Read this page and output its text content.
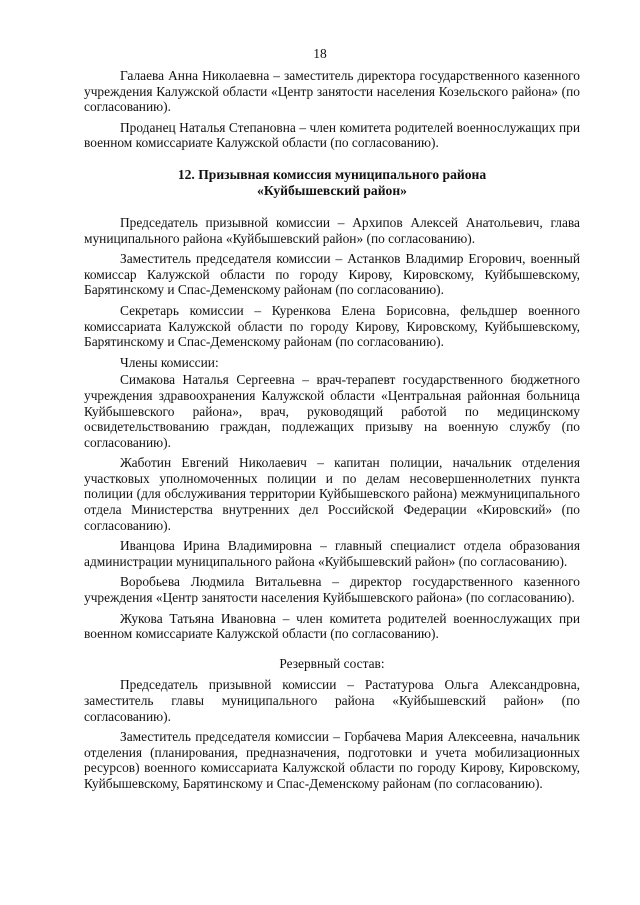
18

Галаева Анна Николаевна – заместитель директора государственного казенного учреждения Калужской области «Центр занятости населения Козельского района» (по согласованию).

Проданец Наталья Степановна – член комитета родителей военнослужащих при военном комиссариате Калужской области (по согласованию).

12. Призывная комиссия муниципального района
«Куйбышевский район»

Председатель призывной комиссии – Архипов Алексей Анатольевич, глава муниципального района «Куйбышевский район» (по согласованию).

Заместитель председателя комиссии – Астанков Владимир Егорович, военный комиссар Калужской области по городу Кирову, Кировскому, Куйбышевскому, Барятинскому и Спас-Деменскому районам (по согласованию).

Секретарь комиссии – Куренкова Елена Борисовна, фельдшер военного комиссариата Калужской области по городу Кирову, Кировскому, Куйбышевскому, Барятинскому и Спас-Деменскому районам (по согласованию).

Члены комиссии:

Симакова Наталья Сергеевна – врач-терапевт государственного бюджетного учреждения здравоохранения Калужской области «Центральная районная больница Куйбышевского района», врач, руководящий работой по медицинскому освидетельствованию граждан, подлежащих призыву на военную службу (по согласованию).

Жаботин Евгений Николаевич – капитан полиции, начальник отделения участковых уполномоченных полиции и по делам несовершеннолетних пункта полиции (для обслуживания территории Куйбышевского района) межмуниципального отдела Министерства внутренних дел Российской Федерации «Кировский» (по согласованию).

Иванцова Ирина Владимировна – главный специалист отдела образования администрации муниципального района «Куйбышевский район» (по согласованию).

Воробьева Людмила Витальевна – директор государственного казенного учреждения «Центр занятости населения Куйбышевского района» (по согласованию).

Жукова Татьяна Ивановна – член комитета родителей военнослужащих при военном комиссариате Калужской области (по согласованию).

Резервный состав:

Председатель призывной комиссии – Растатурова Ольга Александровна, заместитель главы муниципального района «Куйбышевский район» (по согласованию).

Заместитель председателя комиссии – Горбачева Мария Алексеевна, начальник отделения (планирования, предназначения, подготовки и учета мобилизационных ресурсов) военного комиссариата Калужской области по городу Кирову, Кировскому, Куйбышевскому, Барятинскому и Спас-Деменскому районам (по согласованию).
